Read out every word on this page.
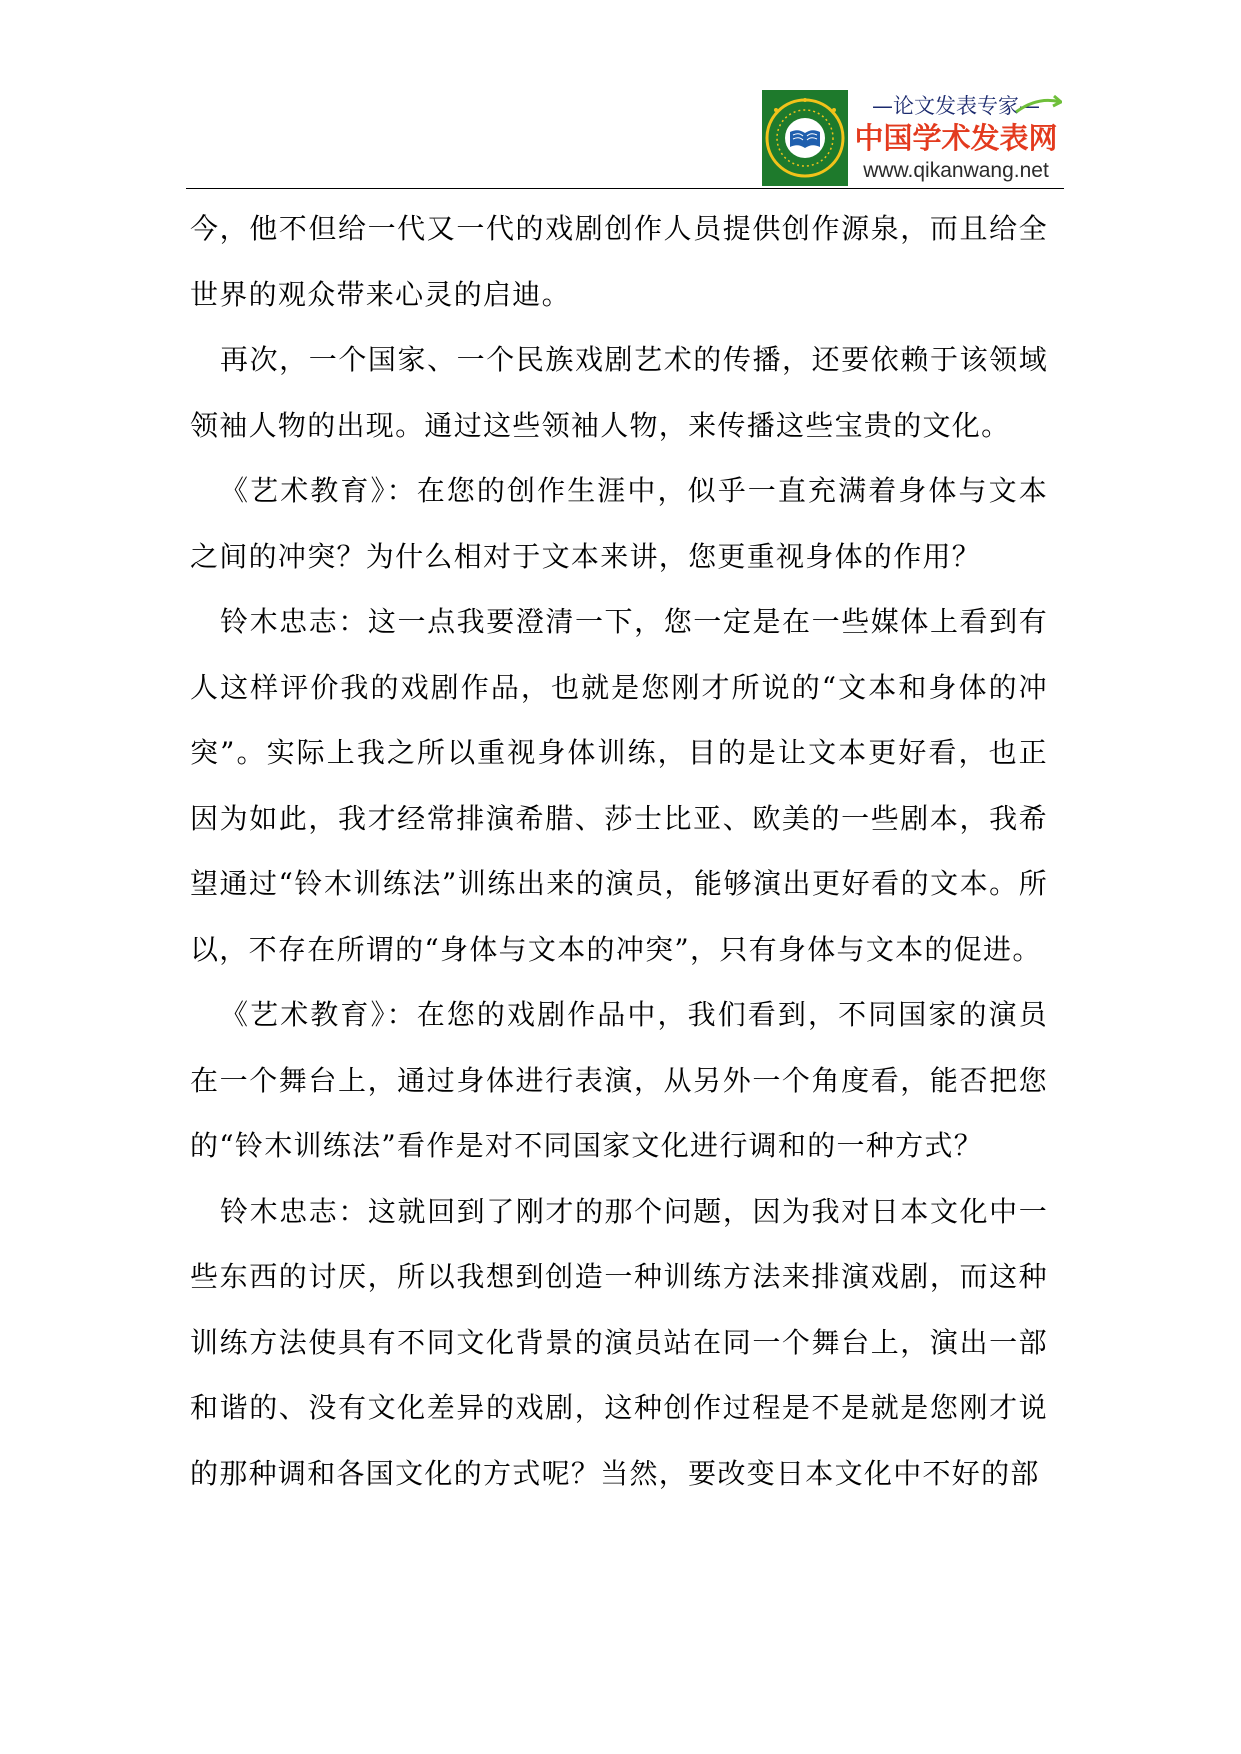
—论文发表专家—
中国学术发表网
www.qikanwang.net

今，他不但给一代又一代的戏剧创作人员提供创作源泉，而且给全世界的观众带来心灵的启迪。

再次，一个国家、一个民族戏剧艺术的传播，还要依赖于该领域领袖人物的出现。通过这些领袖人物，来传播这些宝贵的文化。

《艺术教育》：在您的创作生涯中，似乎一直充满着身体与文本之间的冲突？为什么相对于文本来讲，您更重视身体的作用？

铃木忠志：这一点我要澄清一下，您一定是在一些媒体上看到有人这样评价我的戏剧作品，也就是您刚才所说的“文本和身体的冲突”。实际上我之所以重视身体训练，目的是让文本更好看，也正因为如此，我才经常排演希腊、莎士比亚、欧美的一些剧本，我希望通过“铃木训练法”训练出来的演员，能够演出更好看的文本。所以，不存在所谓的“身体与文本的冲突”，只有身体与文本的促进。

《艺术教育》：在您的戏剧作品中，我们看到，不同国家的演员在一个舞台上，通过身体进行表演，从另外一个角度看，能否把您的“铃木训练法”看作是对不同国家文化进行调和的一种方式？

铃木忠志：这就回到了刚才的那个问题，因为我对日本文化中一些东西的讨厌，所以我想到创造一种训练方法来排演戏剧，而这种训练方法使具有不同文化背景的演员站在同一个舞台上，演出一部和谐的、没有文化差异的戏剧，这种创作过程是不是就是您刚才说的那种调和各国文化的方式呢？当然，要改变日本文化中不好的部
